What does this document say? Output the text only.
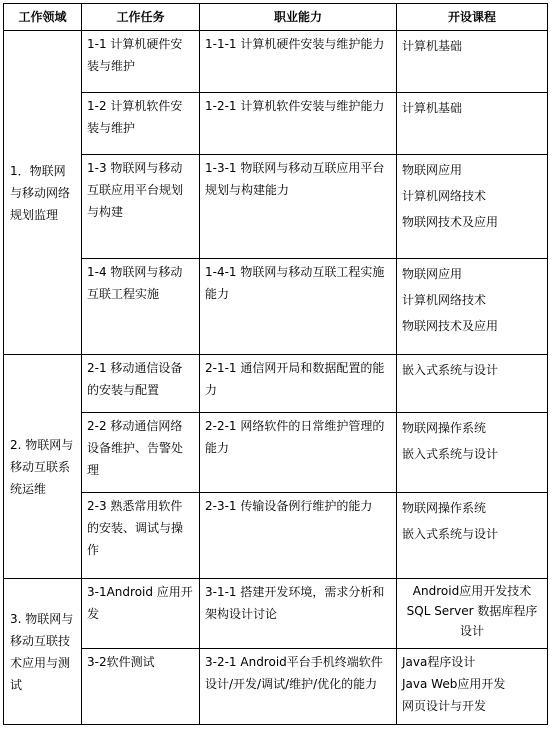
工作领域	工作任务	职业能力	开设课程
1．物联网与移动网络规划监理	1-1 计算机硬件安装与维护	1-1-1 计算机硬件安装与维护能力	计算机基础

	1-2 计算机软件安装与维护	1-2-1 计算机软件安装与维护能力	计算机基础

	1-3 物联网与移动互联应用平台规划与构建	1-3-1 物联网与移动互联应用平台规划与构建能力	物联网应用
计算机网络技术
物联网技术及应用

	1-4 物联网与移动互联工程实施	1-4-1 物联网与移动互联工程实施能力	物联网应用
计算机网络技术
物联网技术及应用

2. 物联网与移动互联系统运维	2-1 移动通信设备的安装与配置	2-1-1 通信网开局和数据配置的能力	嵌入式系统与设计

	2-2 移动通信网络设备维护、告警处理	2-2-1 网络软件的日常维护管理的能力	物联网操作系统
嵌入式系统与设计

	2-3 熟悉常用软件的安装、调试与操作	2-3-1 传输设备例行维护的能力	物联网操作系统
嵌入式系统与设计

3. 物联网与移动互联技术应用与测试	3-1Android 应用开发	3-1-1 搭建开发环境，需求分析和架构设计讨论	Android应用开发技术
SQL Server 数据库程序设计

	3-2软件测试	3-2-1 Android平台手机终端软件设计/开发/调试/维护/优化的能力	Java程序设计
Java Web应用开发
网页设计与开发
